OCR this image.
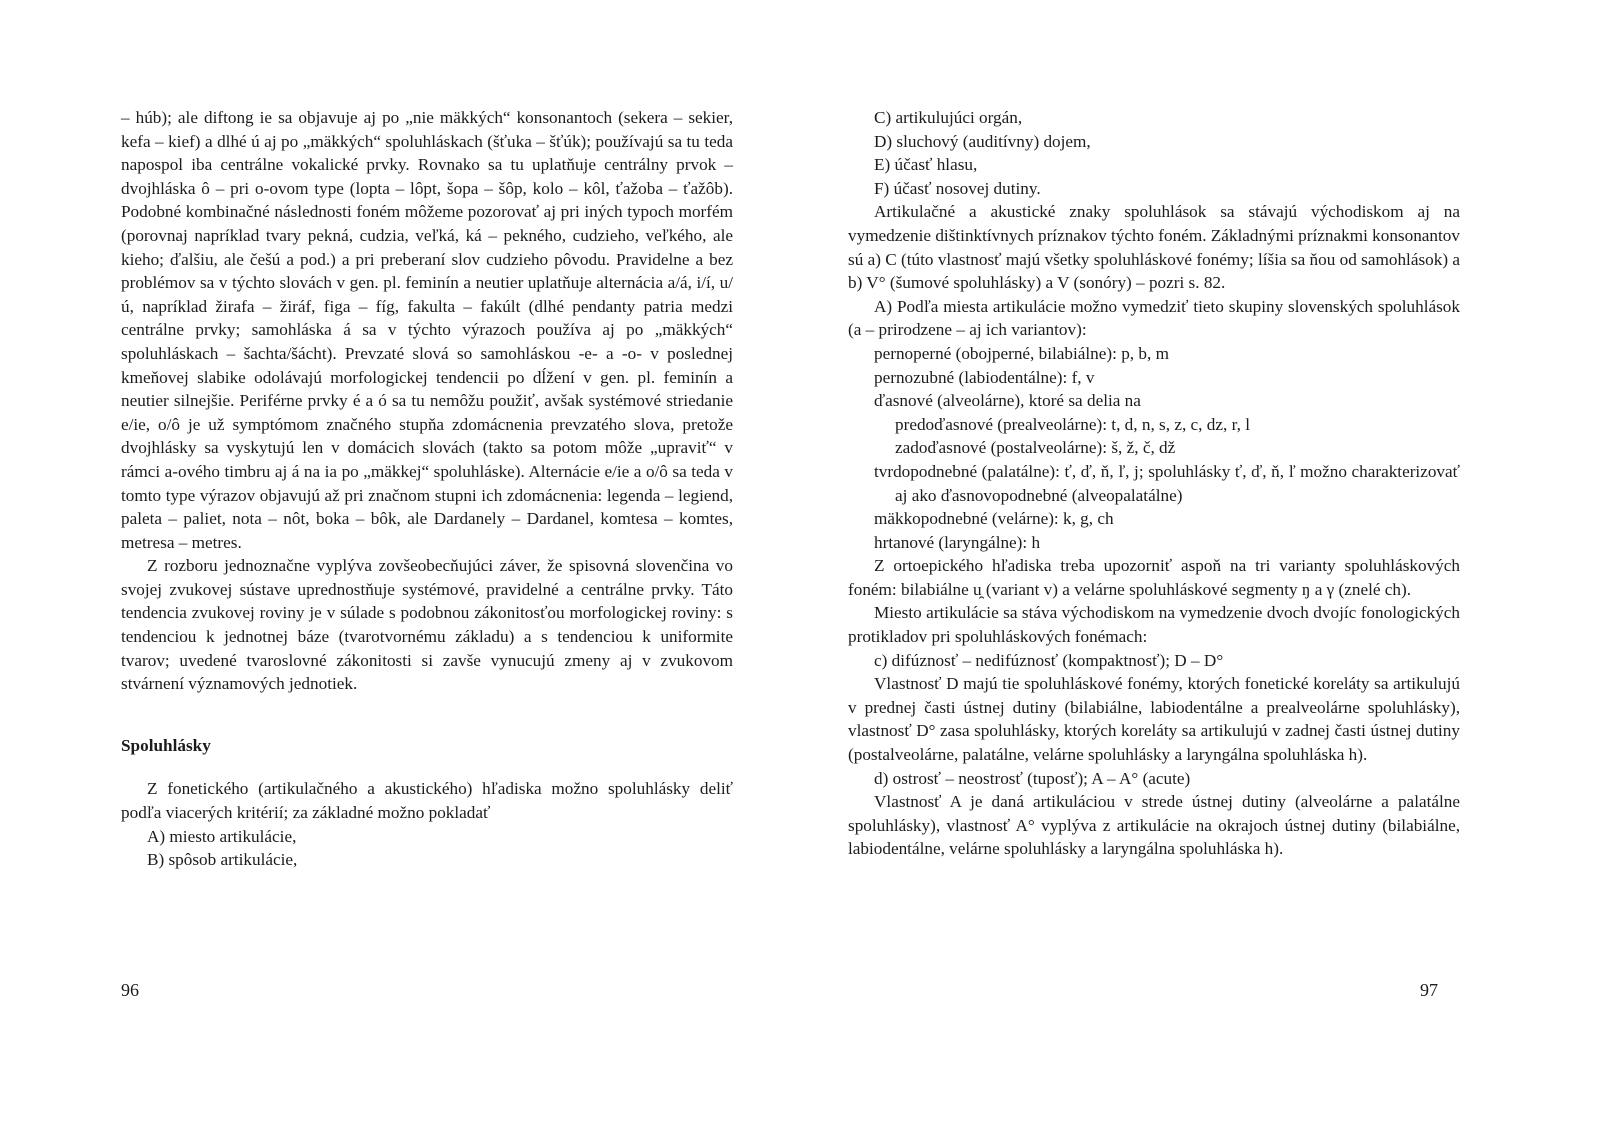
– húb); ale diftong ie sa objavuje aj po „nie mäkkých“ konsonantoch (sekera – sekier, kefa – kief) a dlhé ú aj po „mäkkých“ spoluhláskach (šťuka – šťúk); používajú sa tu teda napospol iba centrálne vokalické prvky. Rovnako sa tu uplatňuje centrálny prvok – dvojhláska ô – pri o-ovom type (lopta – lôpt, šopa – šôp, kolo – kôl, ťažoba – ťažôb). Podobné kombinačné následnosti foném môžeme pozorovať aj pri iných typoch morfém (porovnaj napríklad tvary pekná, cudzia, veľká, ká – pekného, cudzieho, veľkého, ale kieho; ďalšiu, ale češú a pod.) a pri preberaní slov cudzieho pôvodu. Pravidelne a bez problémov sa v týchto slovách v gen. pl. feminín a neutier uplatňuje alternácia a/á, i/í, u/ú, napríklad žirafa – žiráf, figa – fíg, fakulta – fakúlt (dlhé pendanty patria medzi centrálne prvky; samohláska á sa v týchto výrazoch používa aj po „mäkkých“ spoluhláskach – šachta/šácht). Prevzaté slová so samohláskou -e- a -o- v poslednej kmeňovej slabike odolávajú morfologickej tendencii po dĺžení v gen. pl. feminín a neutier silnejšie. Periférne prvky é a ó sa tu nemôžu použiť, avšak systémové striedanie e/ie, o/ô je už symptómom značného stupňa zdomácnenia prevzatého slova, pretože dvojhlásky sa vyskytujú len v domácich slovách (takto sa potom môže „upraviť“ v rámci a-ového timbru aj á na ia po „mäkkej“ spoluhláske). Alternácie e/ie a o/ô sa teda v tomto type výrazov objavujú až pri značnom stupni ich zdomácnenia: legenda – legiend, paleta – paliet, nota – nôt, boka – bôk, ale Dardanely – Dardanel, komtesa – komtes, metresa – metres.

Z rozboru jednoznačne vyplýva zovšeobecňujúci záver, že spisovná slovenčina vo svojej zvukovej sústave uprednostňuje systémové, pravidelné a centrálne prvky. Táto tendencia zvukovej roviny je v súlade s podobnou zákonitosťou morfologickej roviny: s tendenciou k jednotnej báze (tvarotvornému základu) a s tendenciou k uniformite tvarov; uvedené tvaroslovné zákonitosti si zavše vynucujú zmeny aj v zvukovom stvárnení významových jednotiek.

Spoluhlásky

Z fonetického (artikulačného a akustického) hľadiska možno spoluhlásky deliť podľa viacerých kritérií; za základné možno pokladať

A) miesto artikulácie,

B) spôsob artikulácie,

96

C) artikulujúci orgán,

D) sluchový (auditívny) dojem,

E) účasť hlasu,

F) účasť nosovej dutiny.

Artikulačné a akustické znaky spoluhlások sa stávajú východiskom aj na vymedzenie dištinktívnych príznakov týchto foném. Základnými príznakmi konsonantov sú a) C (túto vlastnosť majú všetky spoluhláskové fonémy; líšia sa ňou od samohlások) a b) V° (šumové spoluhlásky) a V (sonóry) – pozri s. 82.

A) Podľa miesta artikulácie možno vymedziť tieto skupiny slovenských spoluhlások (a – prirodzene – aj ich variantov):

pernoperné (obojperné, bilabiálne): p, b, m

pernozubné (labiodentálne): f, v

ďasnové (alveolárne), ktoré sa delia na

predoďasnové (prealveolárne): t, d, n, s, z, c, dz, r, l

zadoďasnové (postalveolárne): š, ž, č, dž

tvrdopodnebné (palatálne): ť, ď, ň, ľ, j; spoluhlásky ť, ď, ň, ľ možno charakterizovať aj ako ďasnovopodnebné (alveopalatálne)

mäkkopodnebné (velárne): k, g, ch

hrtanové (laryngálne): h

Z ortoepického hľadiska treba upozorniť aspoň na tri varianty spoluhláskových foném: bilabiálne u̯ (variant v) a velárne spoluhláskové segmenty ŋ a γ (znelé ch).

Miesto artikulácie sa stáva východiskom na vymedzenie dvoch dvojíc fonologických protikladov pri spoluhláskových fonémach:

c) difúznosť – nedifúznosť (kompaktnosť); D – D°

Vlastnosť D majú tie spoluhláskové fonémy, ktorých fonetické koreláty sa artikulujú v prednej časti ústnej dutiny (bilabiálne, labiodentálne a prealveolárne spoluhlásky), vlastnosť D° zasa spoluhlásky, ktorých koreláty sa artikulujú v zadnej časti ústnej dutiny (postalveolárne, palatálne, velárne spoluhlásky a laryngálna spoluhláska h).

d) ostrosť – neostrosť (tuposť); A – A° (acute)

Vlastnosť A je daná artikuláciou v strede ústnej dutiny (alveolárne a palatálne spoluhlásky), vlastnosť A° vyplýva z artikulácie na okrajoch ústnej dutiny (bilabiálne, labiodentálne, velárne spoluhlásky a laryngálna spoluhláska h).

97
